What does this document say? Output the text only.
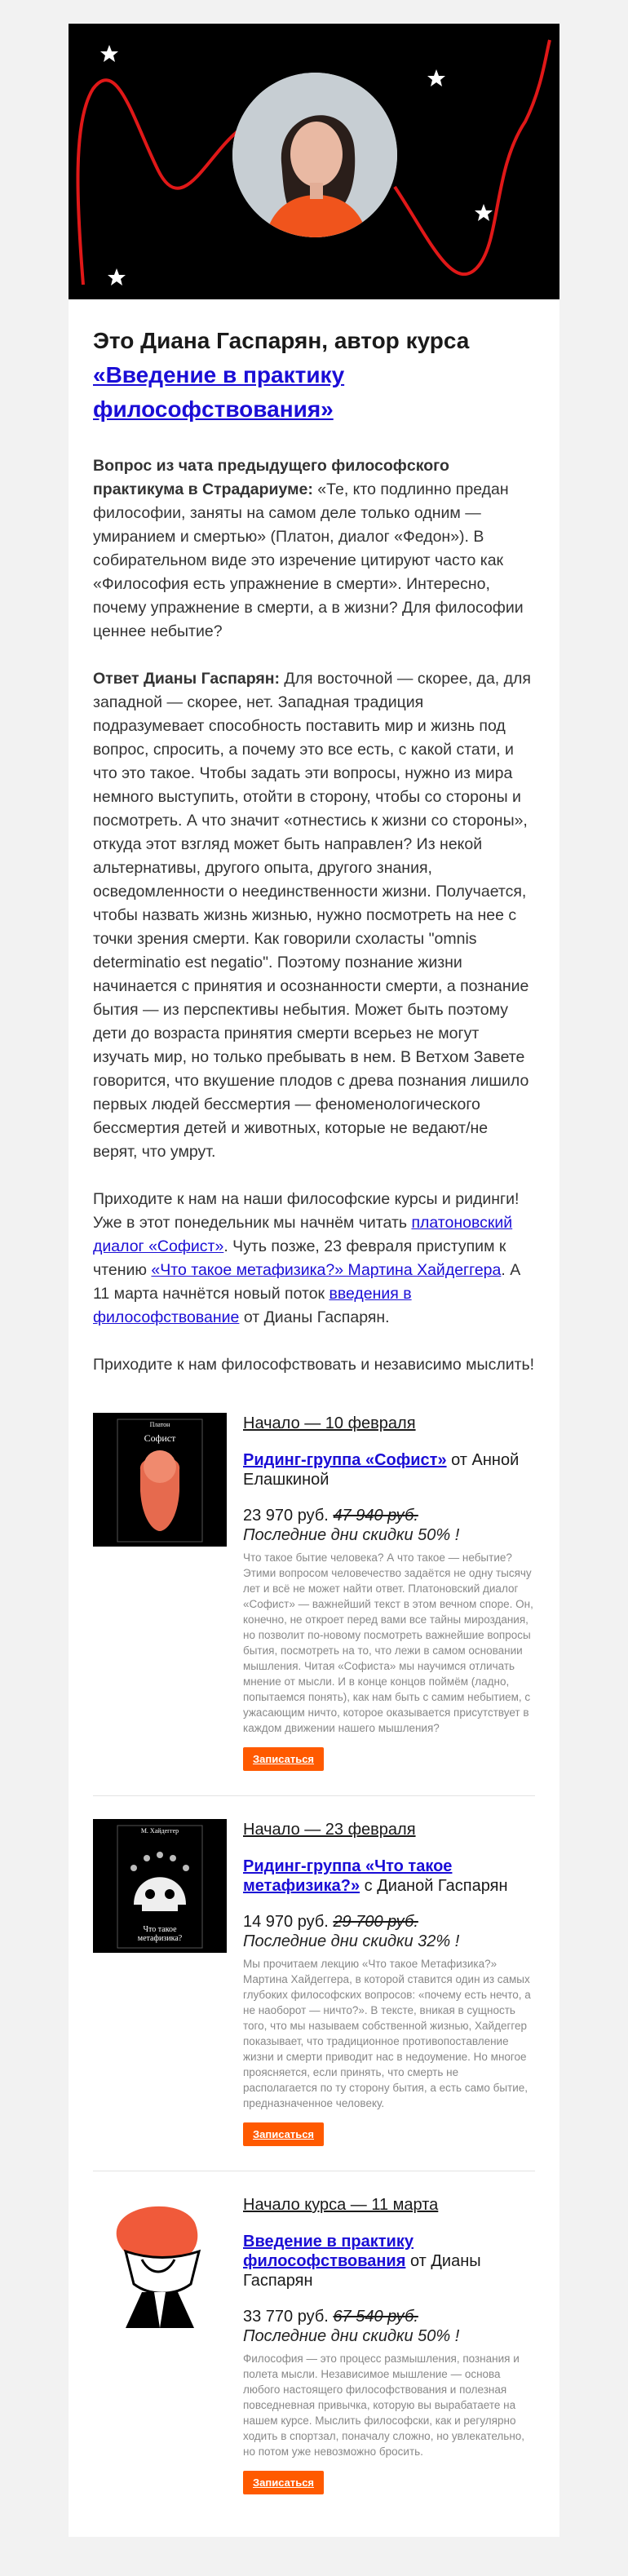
Это Диана Гаспарян, автор курса
«Введение в практику философствования»

Вопрос из чата предыдущего философского практикума в Страдариуме: «Те, кто подлинно предан философии, заняты на самом деле только одним — умиранием и смертью» (Платон, диалог «Федон»). В собирательном виде это изречение цитируют часто как «Философия есть упражнение в смерти». Интересно, почему упражнение в смерти, а в жизни? Для философии ценнее небытие?

Ответ Дианы Гаспарян: Для восточной — скорее, да, для западной — скорее, нет. Западная традиция подразумевает способность поставить мир и жизнь под вопрос, спросить, а почему это все есть, с какой стати, и что это такое. Чтобы задать эти вопросы, нужно из мира немного выступить, отойти в сторону, чтобы со стороны и посмотреть. А что значит «отнестись к жизни со стороны», откуда этот взгляд может быть направлен? Из некой альтернативы, другого опыта, другого знания, осведомленности о неединственности жизни. Получается, чтобы назвать жизнь жизнью, нужно посмотреть на нее с точки зрения смерти. Как говорили схоласты "omnis determinatio est negatio". Поэтому познание жизни начинается с принятия и осознанности смерти, а познание бытия — из перспективы небытия. Может быть поэтому дети до возраста принятия смерти всерьез не могут изучать мир, но только пребывать в нем. В Ветхом Завете говорится, что вкушение плодов с древа познания лишило первых людей бессмертия — феноменологического бессмертия детей и животных, которые не ведают/не верят, что умрут.

Приходите к нам на наши философские курсы и ридинги! Уже в этот понедельник мы начнём читать платоновский диалог «Софист». Чуть позже, 23 февраля приступим к чтению «Что такое метафизика?» Мартина Хайдеггера. А 11 марта начнётся новый поток введения в философствование от Дианы Гаспарян.

Приходите к нам философствовать и независимо мыслить!

Платон
Софист
Начало — 10 февраля
Ридинг-группа «Софист» от Анной Елашкиной
23 970 руб. 47 940 руб.
Последние дни скидки 50% !
Что такое бытие человека? А что такое — небытие? Этими вопросом человечество задаётся не одну тысячу лет и всё не может найти ответ. Платоновский диалог «Софист» — важнейший текст в этом вечном споре. Он, конечно, не откроет перед вами все тайны мироздания, но позволит по-новому посмотреть важнейшие вопросы бытия, посмотреть на то, что лежи в самом основании мышления. Читая «Софиста» мы научимся отличать мнение от мысли. И в конце концов поймём (ладно, попытаемся понять), как нам быть с самим небытием, с ужасающим ничто, которое оказывается присутствует в каждом движении нашего мышления?
Записаться
М. Хайдеггер
Что такое метафизика?
Начало — 23 февраля
Ридинг-группа «Что такое метафизика?» с Дианой Гаспарян
14 970 руб. 29 700 руб.
Последние дни скидки 32% !
Мы прочитаем лекцию «Что такое Метафизика?» Мартина Хайдеггера, в которой ставится один из самых глубоких философских вопросов: «почему есть нечто, а не наоборот — ничто?». В тексте, вникая в сущность того, что мы называем собственной жизнью, Хайдеггер показывает, что традиционное противопоставление жизни и смерти приводит нас в недоумение. Но многое проясняется, если принять, что смерть не располагается по ту сторону бытия, а есть само бытие, предназначенное человеку.
Записаться
Начало курса — 11 марта
Введение в практику философствования от Дианы Гаспарян
33 770 руб. 67 540 руб.
Последние дни скидки 50% !
Философия — это процесс размышления, познания и полета мысли. Независимое мышление — основа любого настоящего философствования и полезная повседневная привычка, которую вы вырабатаете на нашем курсе. Мыслить философски, как и регулярно ходить в спортзал, поначалу сложно, но увлекательно, но потом уже невозможно бросить.
Записаться
